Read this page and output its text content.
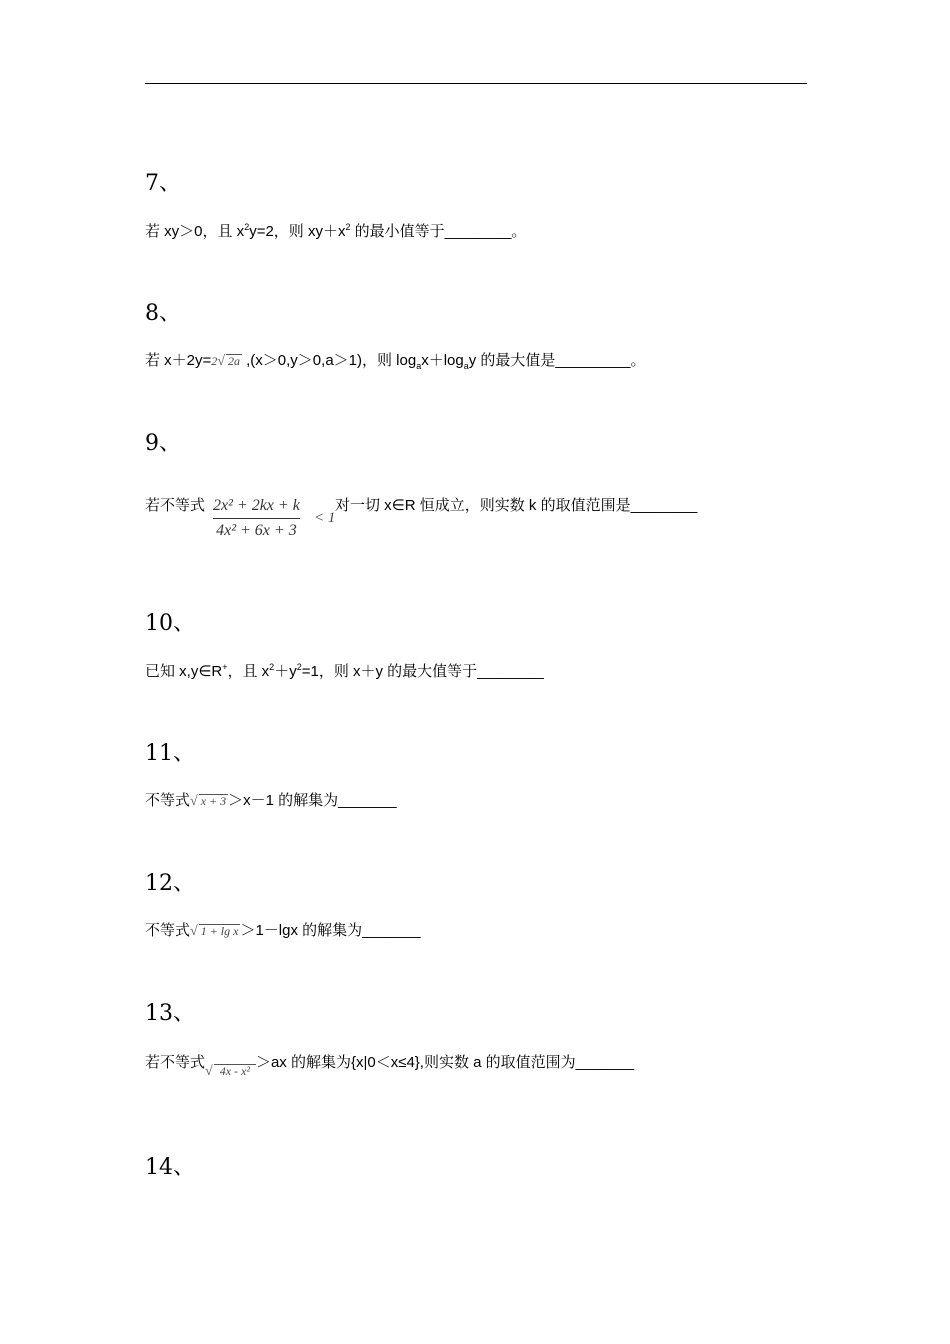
7、
若 xy＞0，且 $x^2y=2$，则 $xy+x^2$ 的最小值等于________。
8、
若 x＋2y=2√ 2a ,(x＞0,y＞0,a＞1)，则 $\log_ax+\log_ay$ 的最大值是_________。
9、
若不等式 2x² + 2kx + k
4x² + 6x + 3
< 1
对一切 x∈R 恒成立，则实数 k 的取值范围是________
10、
已知 x,y∈R+，且 $x^2+y^2=1$，则 x＋y 的最大值等于________
11、
不等式√ x + 3 ＞x－1 的解集为_______
12、
不等式√ 1 + lg x ＞1－lgx 的解集为_______
13、
若不等式√ 4x - x² ＞ax 的解集为{x|0＜x≤4},则实数 a 的取值范围为_______
14、
